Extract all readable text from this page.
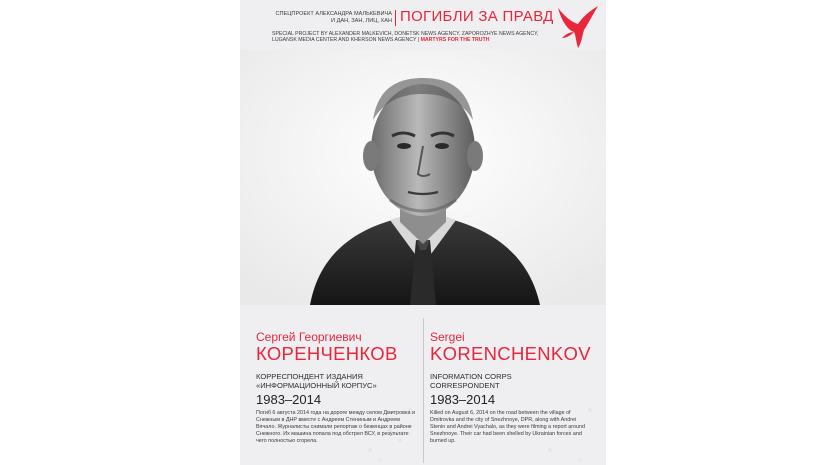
СПЕЦПРОЕКТ АЛЕКСАНДРА МАЛЬКЕВИЧА
И ДАН, ЗАН, ЛИЦ, ХАН ПОГИБЛИ ЗА ПРАВД
SPECIAL PROJECT BY ALEXANDER MALKEVICH, DONETSK NEWS AGENCY, ZAPOROZHYE NEWS AGENCY,
LUGANSK MEDIA CENTER AND KHERSON NEWS AGENCY | MARTYRS FOR THE TRUTH
Сергей Георгиевич
КОРЕНЧЕНКОВ
КОРРЕСПОНДЕНТ ИЗДАНИЯ
«ИНФОРМАЦИОННЫЙ КОРПУС»
1983–2014
Погиб 6 августа 2014 года на дороге между селом Дмитровка и Снежным в ДНР вместе с Андреем Стениным и Андреем Вячало. Журналисты снимали репортаж о беженцах в районе Снежного. Их машина попала под обстрел ВСУ, в результате чего полностью сгорела.
Sergei
KORENCHENKOV
INFORMATION CORPS
CORRESPONDENT
1983–2014
Killed on August 6, 2014 on the road between the village of Dmitrovka and the city of Snezhnoye, DPR, along with Andrei Stenin and Andrei Vyachalo, as they were filming a report around Snezhnoye. Their car had been shelled by Ukrainian forces and burned up.
